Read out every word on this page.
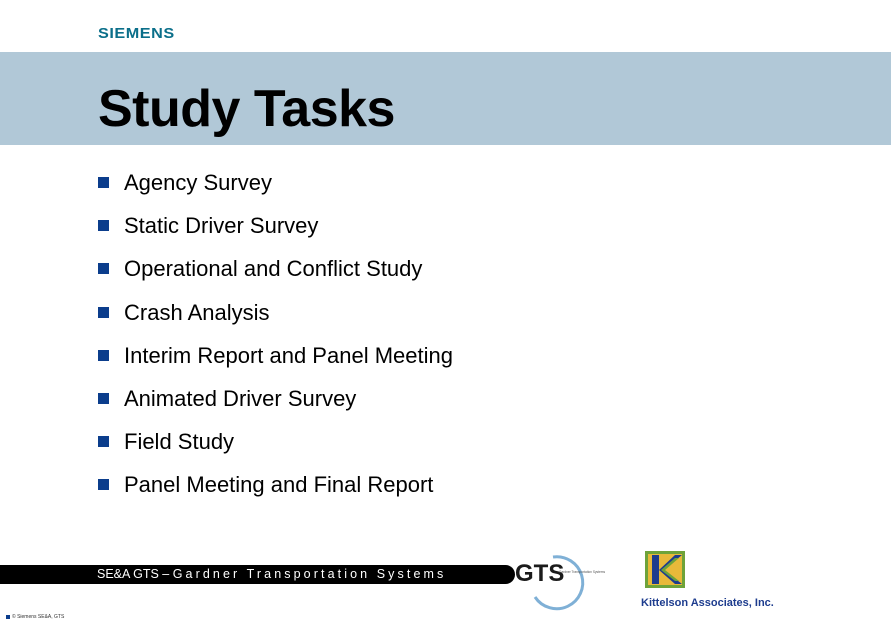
SIEMENS
Study Tasks
Agency Survey
Static Driver Survey
Operational and Conflict Study
Crash Analysis
Interim Report and Panel Meeting
Animated Driver Survey
Field Study
Panel Meeting and Final Report
SE&A GTS – Gardner Transportation Systems	GTS
Gardner Transportation Systems
Kittelson Associates, Inc.
© Siemens SE&A, GTS
